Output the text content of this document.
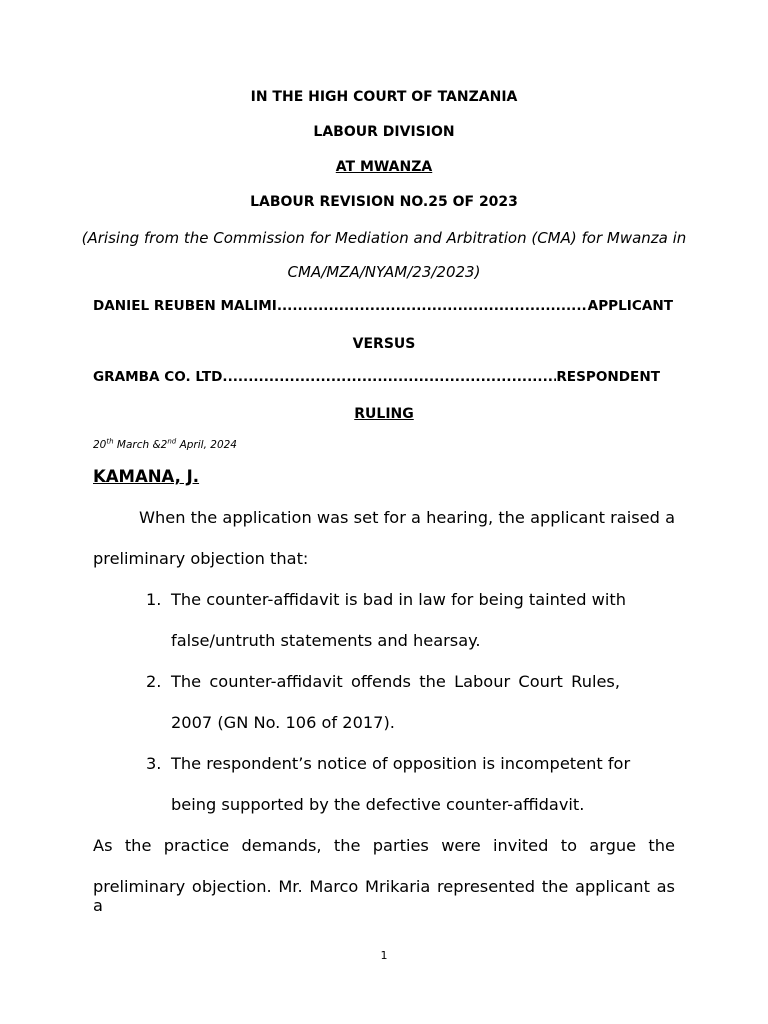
IN THE HIGH COURT OF TANZANIA

LABOUR DIVISION

AT MWANZA

LABOUR REVISION NO.25 OF 2023

(Arising from the Commission for Mediation and Arbitration (CMA) for Mwanza in

CMA/MZA/NYAM/23/2023)

DANIEL REUBEN MALIMI .....	APPLICANT

VERSUS

GRAMBA CO. LTD. .....	RESPONDENT

RULING

20th March &2nd April, 2024

KAMANA, J.

When the application was set for a hearing, the applicant raised a

preliminary objection that:

1. The counter-affidavit is bad in law for being tainted with

false/untruth statements and hearsay.

2. The counter-affidavit offends the Labour Court Rules,

2007 (GN No. 106 of 2017).

3. The respondent’s notice of opposition is incompetent for

being supported by the defective counter-affidavit.

As the practice demands, the parties were invited to argue the

preliminary objection. Mr. Marco Mrikaria represented the applicant as a

1
